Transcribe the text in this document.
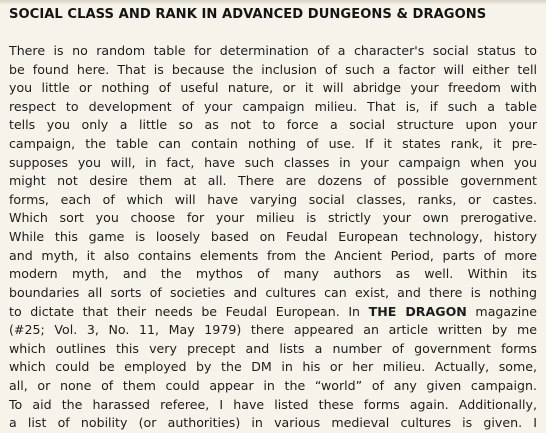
SOCIAL CLASS AND RANK IN ADVANCED DUNGEONS & DRAGONS
There is no random table for determination of a character's social status to
be found here. That is because the inclusion of such a factor will either tell
you little or nothing of useful nature, or it will abridge your freedom with
respect to development of your campaign milieu. That is, if such a table
tells you only a little so as not to force a social structure upon your
campaign, the table can contain nothing of use. If it states rank, it pre-
supposes you will, in fact, have such classes in your campaign when you
might not desire them at all. There are dozens of possible government
forms, each of which will have varying social classes, ranks, or castes.
Which sort you choose for your milieu is strictly your own prerogative.
While this game is loosely based on Feudal European technology, history
and myth, it also contains elements from the Ancient Period, parts of more
modern myth, and the mythos of many authors as well. Within its
boundaries all sorts of societies and cultures can exist, and there is nothing
to dictate that their needs be Feudal European. In THE DRAGON magazine
(#25; Vol. 3, No. 11, May 1979) there appeared an article written by me
which outlines this very precept and lists a number of government forms
which could be employed by the DM in his or her milieu. Actually, some,
all, or none of them could appear in the “world” of any given campaign.
To aid the harassed referee, I have listed these forms again. Additionally,
a list of nobility (or authorities) in various medieval cultures is given. I
